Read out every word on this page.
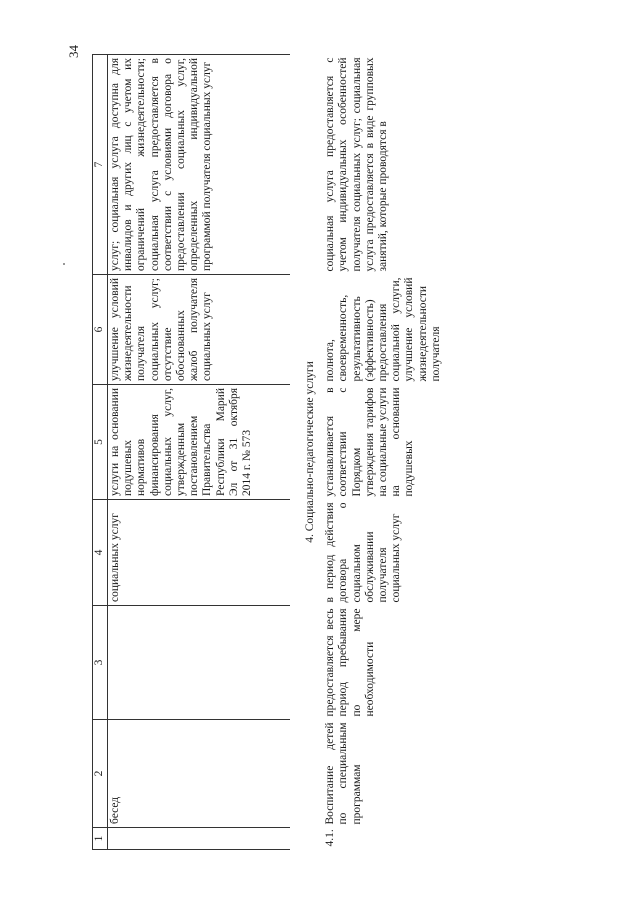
34
1	2	3	4	5	6	7
	бесед		социальных услуг	услуги на основании подушевых нормативов финансирования социальных услуг, утвержденным постановлением Правительства Республики Марий Эл от 31 октября 2014 г. № 573	улучшение условий жизнедеятельности получателя социальных услуг; отсутствие обоснованных жалоб получателя социальных услуг	услуг; социальная услуга доступна для инвалидов и других лиц с учетом их ограничений жизнедеятельности; социальная услуга предоставляется в соответствии с условиями договора о предоставлении социальных услуг, определенных индивидуальной программой получателя социальных услуг
4. Социально-педагогические услуги						
4.1.	Воспитание детей по специальным программам	предоставляется весь период пребывания по мере необходимости	в период действия договора о социальном обслуживании получателя социальных услуг	устанавливается в соответствии с Порядком утверждения тарифов на социальные услуги на основании подушевых	полнота, своевременность, результативность (эффективность) предоставления социальной услуги, улучшение условий жизнедеятельности получателя	социальная услуга предоставляется с учетом индивидуальных особенностей получателя социальных услуг; социальная услуга предоставляется в виде групповых занятий, которые проводятся в
